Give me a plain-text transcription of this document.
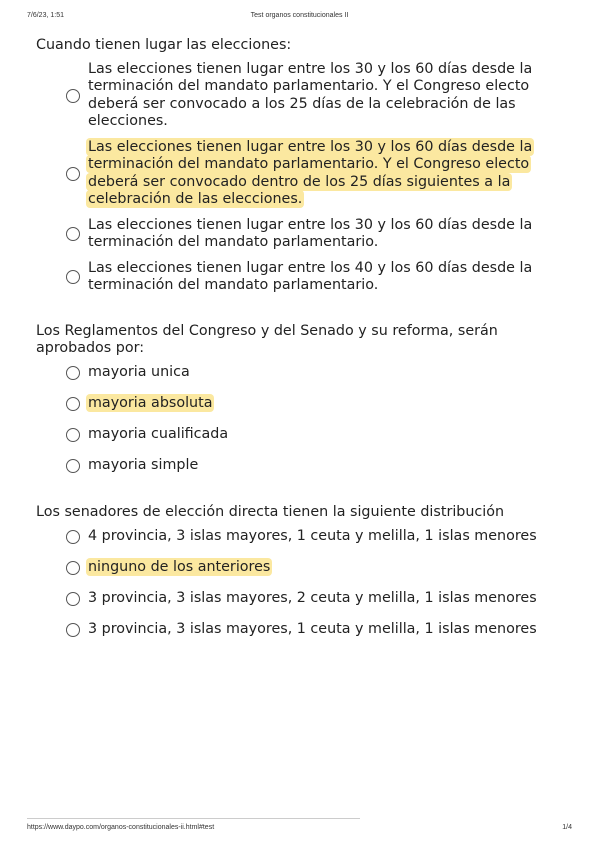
7/6/23, 1:51	Test organos constitucionales II

Cuando tienen lugar las elecciones:

Las elecciones tienen lugar entre los 30 y los 60 días desde la terminación del mandato parlamentario. Y el Congreso electo deberá ser convocado a los 25 días de la celebración de las elecciones.
Las elecciones tienen lugar entre los 30 y los 60 días desde la terminación del mandato parlamentario. Y el Congreso electo deberá ser convocado dentro de los 25 días siguientes a la celebración de las elecciones.
Las elecciones tienen lugar entre los 30 y los 60 días desde la terminación del mandato parlamentario.
Las elecciones tienen lugar entre los 40 y los 60 días desde la terminación del mandato parlamentario.

Los Reglamentos del Congreso y del Senado y su reforma, serán aprobados por:

mayoria unica
mayoria absoluta
mayoria cualificada
mayoria simple

Los senadores de elección directa tienen la siguiente distribución

4 provincia, 3 islas mayores, 1 ceuta y melilla, 1 islas menores
ninguno de los anteriores
3 provincia, 3 islas mayores, 2 ceuta y melilla, 1 islas menores
3 provincia, 3 islas mayores, 1 ceuta y melilla, 1 islas menores
https://www.daypo.com/organos-constitucionales-ii.html#test	1/4
